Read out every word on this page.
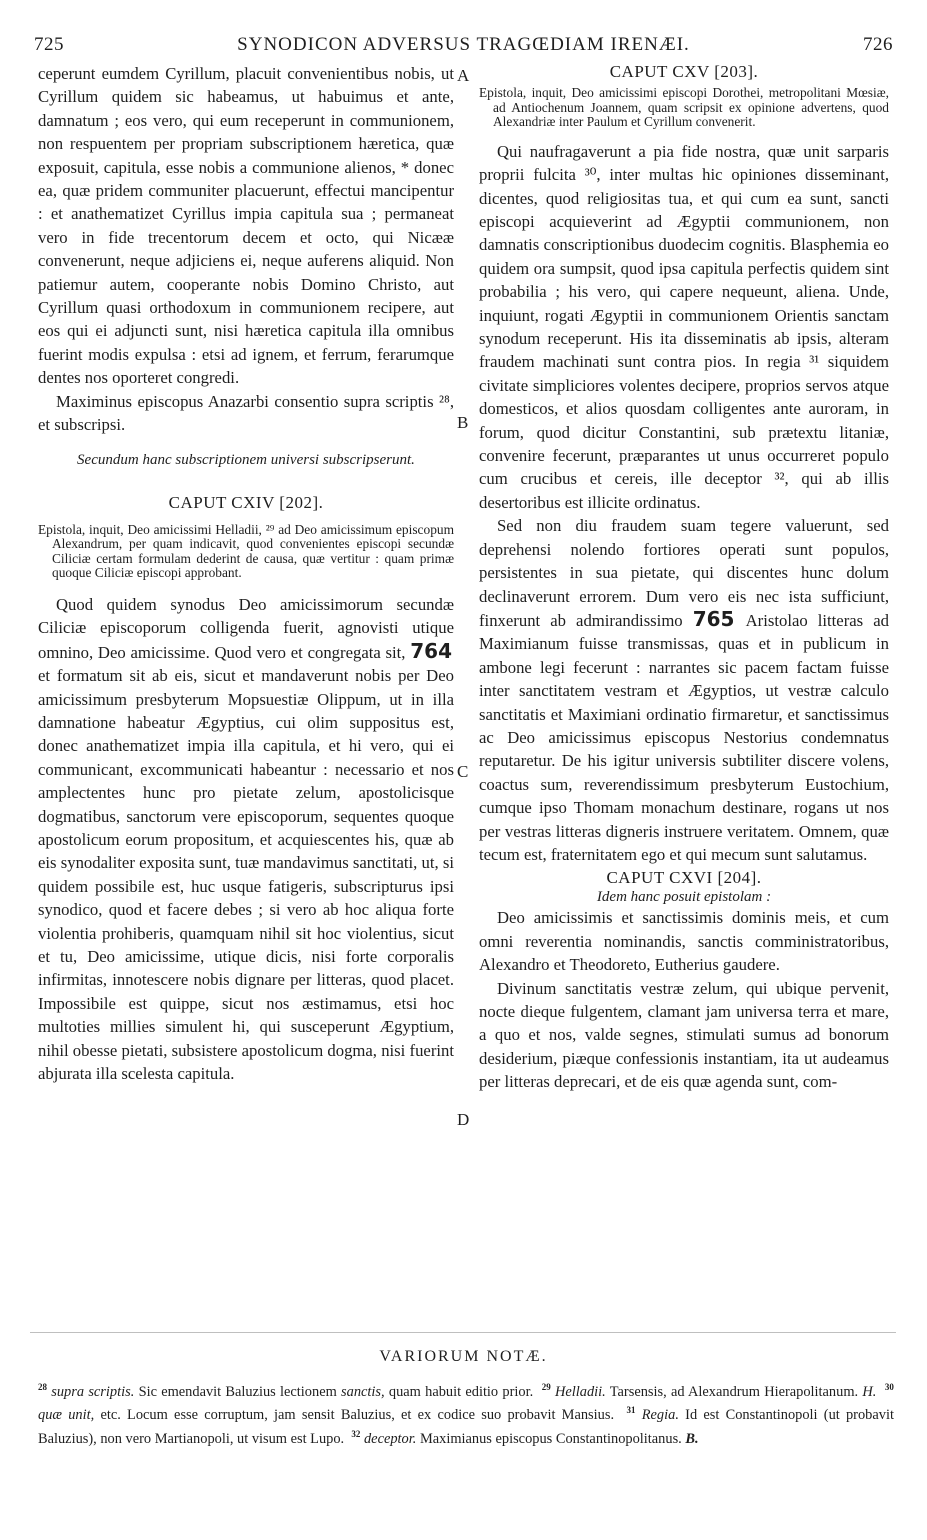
725	SYNODICON ADVERSUS TRAGŒDIAM IRENÆI.	726
A
B
C
D

ceperunt eumdem Cyrillum, placuit convenientibus nobis, ut Cyrillum quidem sic habeamus, ut habuimus et ante, damnatum ; eos vero, qui eum receperunt in communionem, non respuentem per propriam subscriptionem hæretica, quæ exposuit, capitula, esse nobis a communione alienos, * donec ea, quæ pridem communiter placuerunt, effectui mancipentur : et anathematizet Cyrillus impia capitula sua ; permaneat vero in fide trecentorum decem et octo, qui Nicææ convenerunt, neque adjiciens ei, neque auferens aliquid. Non patiemur autem, cooperante nobis Domino Christo, aut Cyrillum quasi orthodoxum in communionem recipere, aut eos qui ei adjuncti sunt, nisi hæretica capitula illa omnibus fuerint modis expulsa : etsi ad ignem, et ferrum, ferarumque dentes nos oporteret congredi.

Maximinus episcopus Anazarbi consentio supra scriptis ²⁸, et subscripsi.

Secundum hanc subscriptionem universi subscripserunt.

CAPUT CXIV [202].

Epistola, inquit, Deo amicissimi Helladii, ²⁹ ad Deo amicissimum episcopum Alexandrum, per quam indicavit, quod convenientes episcopi secundæ Ciliciæ certam formulam dederint de causa, quæ vertitur : quam primæ quoque Ciliciæ episcopi approbant.

Quod quidem synodus Deo amicissimorum secundæ Ciliciæ episcoporum colligenda fuerit, agnovisti utique omnino, Deo amicissime. Quod vero et congregata sit, 764 et formatum sit ab eis, sicut et mandaverunt nobis per Deo amicissimum presbyterum Mopsuestiæ Olippum, ut in illa damnatione habeatur Ægyptius, cui olim suppositus est, donec anathematizet impia illa capitula, et hi vero, qui ei communicant, excommunicati habeantur : necessario et nos amplectentes hunc pro pietate zelum, apostolicisque dogmatibus, sanctorum vere episcoporum, sequentes quoque apostolicum eorum propositum, et acquiescentes his, quæ ab eis synodaliter exposita sunt, tuæ mandavimus sanctitati, ut, si quidem possibile est, huc usque fatigeris, subscripturus ipsi synodico, quod et facere debes ; si vero ab hoc aliqua forte violentia prohiberis, quamquam nihil sit hoc violentius, sicut et tu, Deo amicissime, utique dicis, nisi forte corporalis infirmitas, innotescere nobis dignare per litteras, quod placet. Impossibile est quippe, sicut nos æstimamus, etsi hoc multoties millies simulent hi, qui susceperunt Ægyptium, nihil obesse pietati, subsistere apostolicum dogma, nisi fuerint abjurata illa scelesta capitula.

CAPUT CXV [203].

Epistola, inquit, Deo amicissimi episcopi Dorothei, metropolitani Mœsiæ, ad Antiochenum Joannem, quam scripsit ex opinione advertens, quod Alexandriæ inter Paulum et Cyrillum convenerit.

Qui naufragaverunt a pia fide nostra, quæ unit sarparis proprii fulcita ³⁰, inter multas hic opiniones disseminant, dicentes, quod religiositas tua, et qui cum ea sunt, sancti episcopi acquieverint ad Ægyptii communionem, non damnatis conscriptionibus duodecim cognitis. Blasphemia eo quidem ora sumpsit, quod ipsa capitula perfectis quidem sint probabilia ; his vero, qui capere nequeunt, aliena. Unde, inquiunt, rogati Ægyptii in communionem Orientis sanctam synodum receperunt. His ita disseminatis ab ipsis, alteram fraudem machinati sunt contra pios. In regia ³¹ siquidem civitate simpliciores volentes decipere, proprios servos atque domesticos, et alios quosdam colligentes ante auroram, in forum, quod dicitur Constantini, sub prætextu litaniæ, convenire fecerunt, præparantes ut unus occurreret populo cum crucibus et cereis, ille deceptor ³², qui ab illis desertoribus est illicite ordinatus.

Sed non diu fraudem suam tegere valuerunt, sed deprehensi nolendo fortiores operati sunt populos, persistentes in sua pietate, qui discentes hunc dolum declinaverunt errorem. Dum vero eis nec ista sufficiunt, finxerunt ab admirandissimo 765 Aristolao litteras ad Maximianum fuisse transmissas, quas et in publicum in ambone legi fecerunt : narrantes sic pacem factam fuisse inter sanctitatem vestram et Ægyptios, ut vestræ calculo sanctitatis et Maximiani ordinatio firmaretur, et sanctissimus ac Deo amicissimus episcopus Nestorius condemnatus reputaretur. De his igitur universis subtiliter discere volens, coactus sum, reverendissimum presbyterum Eustochium, cumque ipso Thomam monachum destinare, rogans ut nos per vestras litteras digneris instruere veritatem. Omnem, quæ tecum est, fraternitatem ego et qui mecum sunt salutamus.

CAPUT CXVI [204].

Idem hanc posuit epistolam :

Deo amicissimis et sanctissimis dominis meis, et cum omni reverentia nominandis, sanctis comministratoribus, Alexandro et Theodoreto, Eutherius gaudere.

Divinum sanctitatis vestræ zelum, qui ubique pervenit, nocte dieque fulgentem, clamant jam universa terra et mare, a quo et nos, valde segnes, stimulati sumus ad bonorum desiderium, piæque confessionis instantiam, ita ut audeamus per litteras deprecari, et de eis quæ agenda sunt, com-

VARIORUM NOTÆ.

$^{28}$ supra scriptis. Sic emendavit Baluzius lectionem sanctis, quam habuit editio prior. $^{29}$ Helladii. Tarsensis, ad Alexandrum Hierapolitanum. H. $^{30}$ quæ unit, etc. Locum esse corruptum, jam sensit Baluzius, et ex codice suo probavit Mansius. $^{31}$ Regia. Id est Constantinopoli (ut probavit Baluzius), non vero Martianopoli, ut visum est Lupo. $^{32}$ deceptor. Maximianus episcopus Constantinopolitanus. B.
